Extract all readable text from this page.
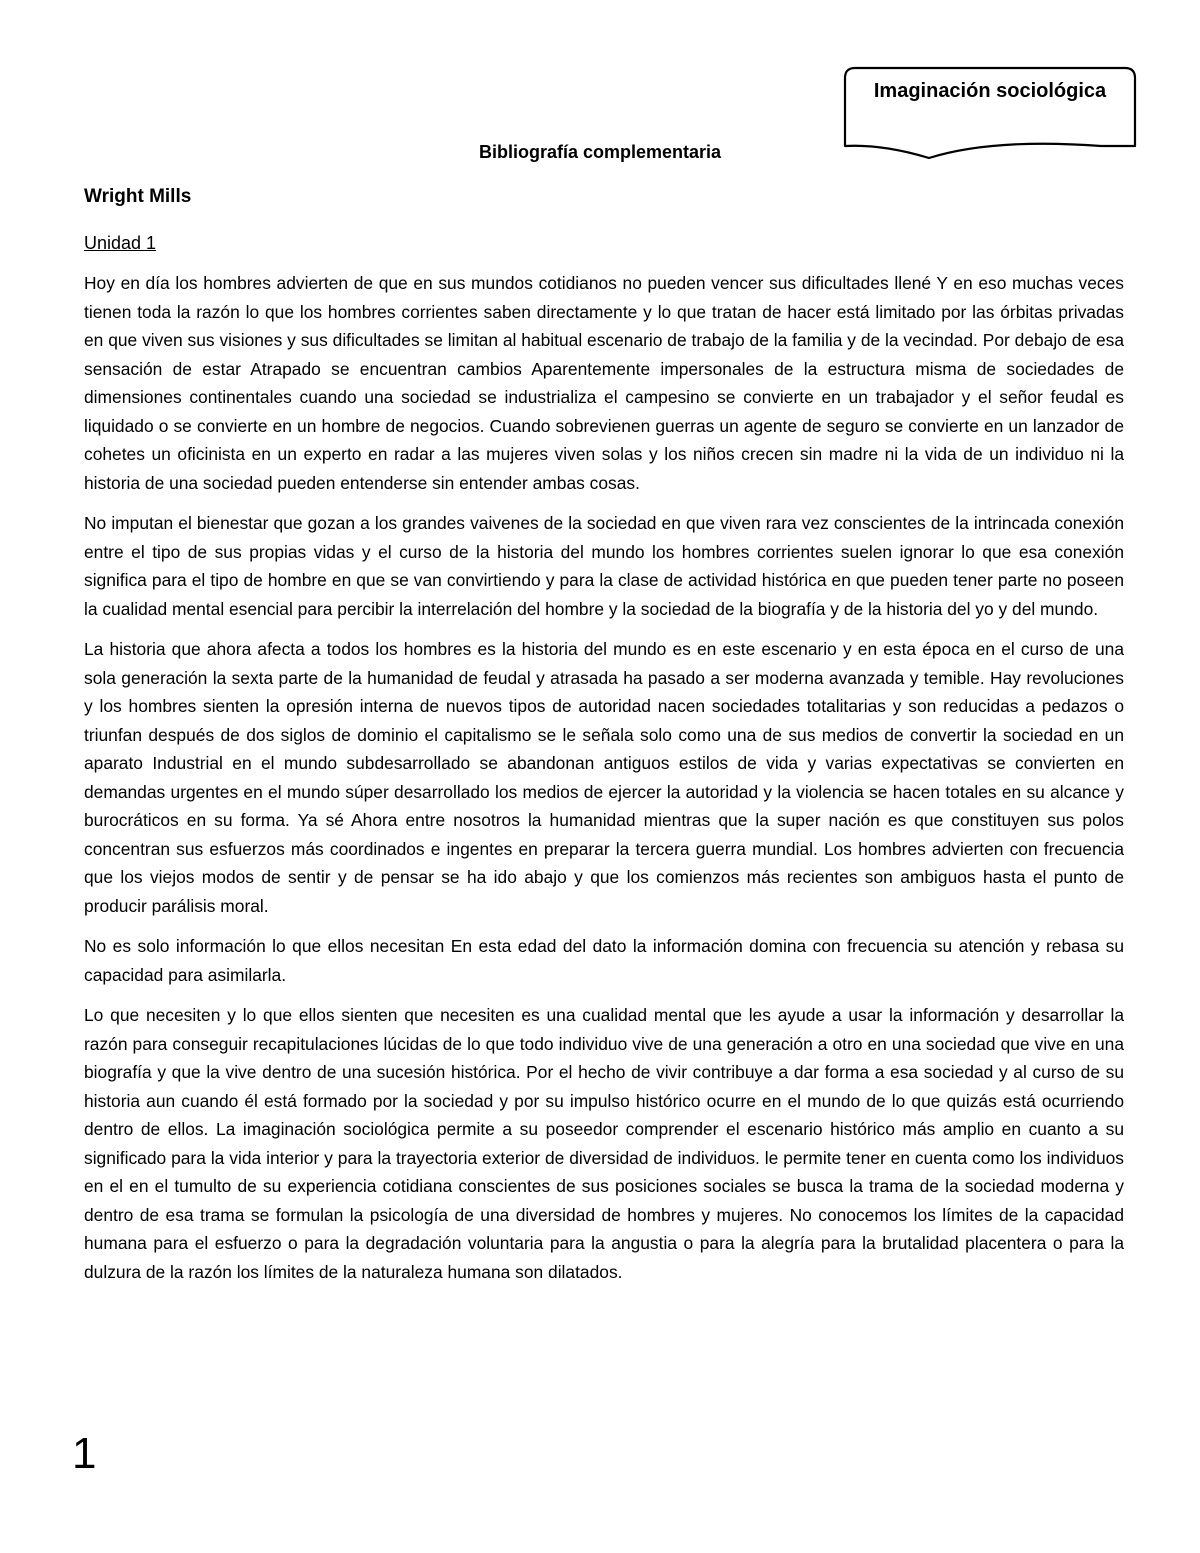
Imaginación sociológica
Bibliografía complementaria
Wright Mills
Unidad 1

Hoy en día los hombres advierten de que en sus mundos cotidianos no pueden vencer sus dificultades llené Y en eso muchas veces tienen toda la razón lo que los hombres corrientes saben directamente y lo que tratan de hacer está limitado por las órbitas privadas en que viven sus visiones y sus dificultades se limitan al habitual escenario de trabajo de la familia y de la vecindad. Por debajo de esa sensación de estar Atrapado se encuentran cambios Aparentemente impersonales de la estructura misma de sociedades de dimensiones continentales cuando una sociedad se industrializa el campesino se convierte en un trabajador y el señor feudal es liquidado o se convierte en un hombre de negocios. Cuando sobrevienen guerras un agente de seguro se convierte en un lanzador de cohetes un oficinista en un experto en radar a las mujeres viven solas y los niños crecen sin madre ni la vida de un individuo ni la historia de una sociedad pueden entenderse sin entender ambas cosas.

No imputan el bienestar que gozan a los grandes vaivenes de la sociedad en que viven rara vez conscientes de la intrincada conexión entre el tipo de sus propias vidas y el curso de la historia del mundo los hombres corrientes suelen ignorar lo que esa conexión significa para el tipo de hombre en que se van convirtiendo y para la clase de actividad histórica en que pueden tener parte no poseen la cualidad mental esencial para percibir la interrelación del hombre y la sociedad de la biografía y de la historia del yo y del mundo.

La historia que ahora afecta a todos los hombres es la historia del mundo es en este escenario y en esta época en el curso de una sola generación la sexta parte de la humanidad de feudal y atrasada ha pasado a ser moderna avanzada y temible. Hay revoluciones y los hombres sienten la opresión interna de nuevos tipos de autoridad nacen sociedades totalitarias y son reducidas a pedazos o triunfan después de dos siglos de dominio el capitalismo se le señala solo como una de sus medios de convertir la sociedad en un aparato Industrial en el mundo subdesarrollado se abandonan antiguos estilos de vida y varias expectativas se convierten en demandas urgentes en el mundo súper desarrollado los medios de ejercer la autoridad y la violencia se hacen totales en su alcance y burocráticos en su forma. Ya sé Ahora entre nosotros la humanidad mientras que la super nación es que constituyen sus polos concentran sus esfuerzos más coordinados e ingentes en preparar la tercera guerra mundial. Los hombres advierten con frecuencia que los viejos modos de sentir y de pensar se ha ido abajo y que los comienzos más recientes son ambiguos hasta el punto de producir parálisis moral.

No es solo información lo que ellos necesitan En esta edad del dato la información domina con frecuencia su atención y rebasa su capacidad para asimilarla.

Lo que necesiten y lo que ellos sienten que necesiten es una cualidad mental que les ayude a usar la información y desarrollar la razón para conseguir recapitulaciones lúcidas de lo que todo individuo vive de una generación a otro en una sociedad que vive en una biografía y que la vive dentro de una sucesión histórica. Por el hecho de vivir contribuye a dar forma a esa sociedad y al curso de su historia aun cuando él está formado por la sociedad y por su impulso histórico ocurre en el mundo de lo que quizás está ocurriendo dentro de ellos. La imaginación sociológica permite a su poseedor comprender el escenario histórico más amplio en cuanto a su significado para la vida interior y para la trayectoria exterior de diversidad de individuos. le permite tener en cuenta como los individuos en el en el tumulto de su experiencia cotidiana conscientes de sus posiciones sociales se busca la trama de la sociedad moderna y dentro de esa trama se formulan la psicología de una diversidad de hombres y mujeres. No conocemos los límites de la capacidad humana para el esfuerzo o para la degradación voluntaria para la angustia o para la alegría para la brutalidad placentera o para la dulzura de la razón los límites de la naturaleza humana son dilatados.

1
